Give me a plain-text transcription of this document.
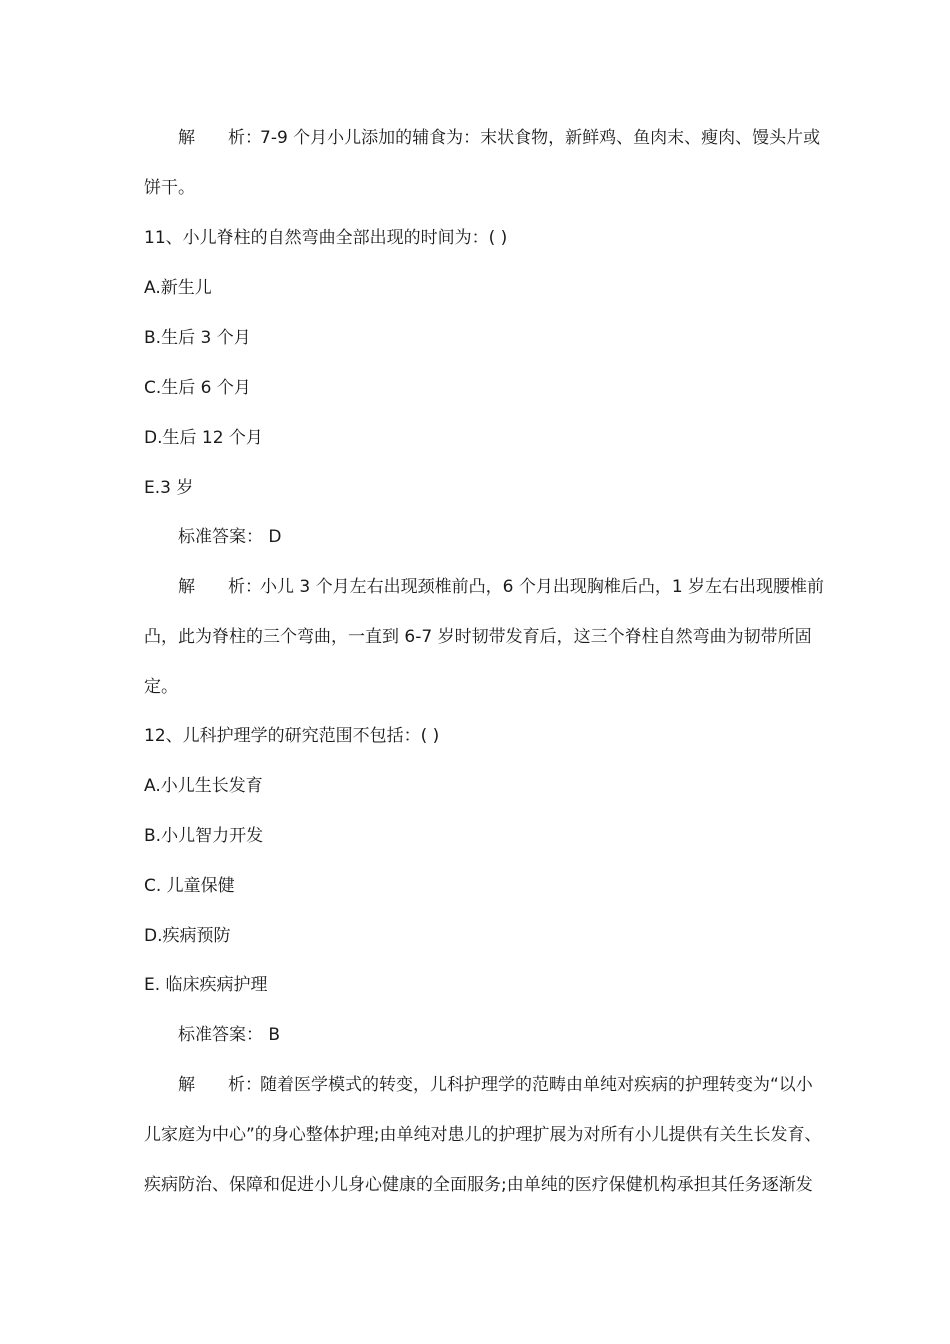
解 析：7-9 个月小儿添加的辅食为：末状食物，新鲜鸡、鱼肉末、瘦肉、馒头片或
饼干。
11、小儿脊柱的自然弯曲全部出现的时间为：( )
A.新生儿
B.生后 3 个月
C.生后 6 个月
D.生后 12 个月
E.3 岁
标准答案： D
解 析：小儿 3 个月左右出现颈椎前凸，6 个月出现胸椎后凸，1 岁左右出现腰椎前
凸，此为脊柱的三个弯曲，一直到 6-7 岁时韧带发育后，这三个脊柱自然弯曲为韧带所固
定。
12、儿科护理学的研究范围不包括：( )
A.小儿生长发育
B.小儿智力开发
C. 儿童保健
D.疾病预防
E. 临床疾病护理
标准答案： B
解 析：随着医学模式的转变，儿科护理学的范畴由单纯对疾病的护理转变为“以小
儿家庭为中心”的身心整体护理;由单纯对患儿的护理扩展为对所有小儿提供有关生长发育、
疾病防治、保障和促进小儿身心健康的全面服务;由单纯的医疗保健机构承担其任务逐渐发
